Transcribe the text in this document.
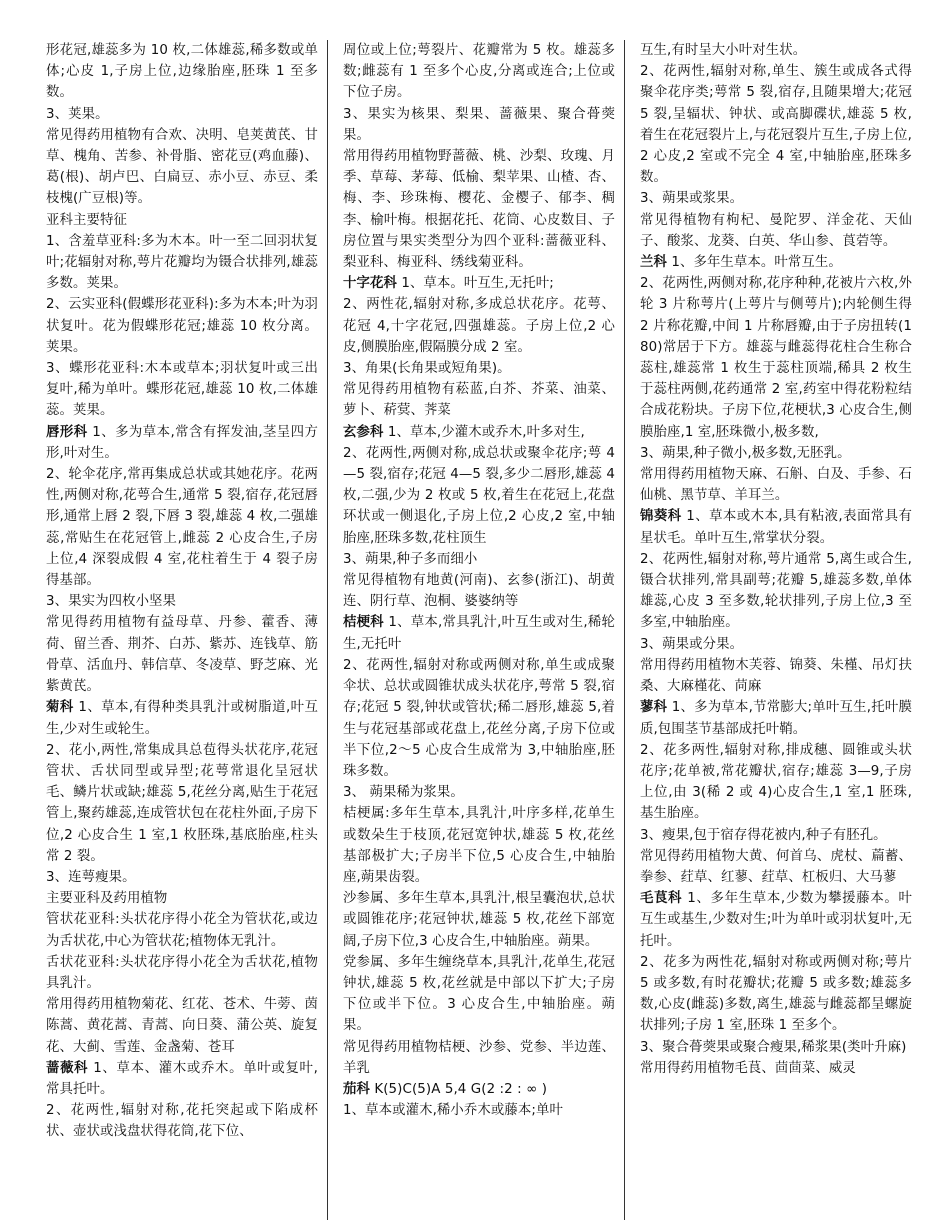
形花冠,雄蕊多为 10 枚,二体雄蕊,稀多数或单体;心皮 1,子房上位,边缘胎座,胚珠 1 至多数。

3、荚果。

常见得药用植物有合欢、决明、皂荚黄芪、甘草、槐角、苦参、补骨脂、密花豆(鸡血藤)、葛(根)、胡卢巴、白扁豆、赤小豆、赤豆、柔枝槐(广豆根)等。

亚科主要特征

1、含羞草亚科:多为木本。叶一至二回羽状复叶;花辐射对称,萼片花瓣均为镊合状排列,雄蕊多数。荚果。

2、云实亚科(假蝶形花亚科):多为木本;叶为羽状复叶。花为假蝶形花冠;雄蕊 10 枚分离。荚果。

3、蝶形花亚科:木本或草本;羽状复叶或三出复叶,稀为单叶。蝶形花冠,雄蕊 10 枚,二体雄蕊。荚果。

唇形科 1、多为草本,常含有挥发油,茎呈四方形,叶对生。

2、轮伞花序,常再集成总状或其她花序。花两性,两侧对称,花萼合生,通常 5 裂,宿存,花冠唇形,通常上唇 2 裂,下唇 3 裂,雄蕊 4 枚,二强雄蕊,常贴生在花冠管上,雌蕊 2 心皮合生,子房上位,4 深裂成假 4 室,花柱着生于 4 裂子房得基部。

3、果实为四枚小坚果

常见得药用植物有益母草、丹参、藿香、薄荷、留兰香、荆芥、白苏、紫苏、连钱草、筋骨草、活血丹、韩信草、冬凌草、野芝麻、光紫黄芪。

菊科 1、草本,有得种类具乳汁或树脂道,叶互生,少对生或轮生。

2、花小,两性,常集成具总苞得头状花序,花冠管状、舌状同型或异型;花萼常退化呈冠状毛、鳞片状或缺;雄蕊 5,花丝分离,贴生于花冠管上,聚药雄蕊,连成管状包在花柱外面,子房下位,2 心皮合生 1 室,1 枚胚珠,基底胎座,柱头常 2 裂。

3、连萼瘦果。

主要亚科及药用植物

管状花亚科:头状花序得小花全为管状花,或边为舌状花,中心为管状花;植物体无乳汁。

舌状花亚科:头状花序得小花全为舌状花,植物具乳汁。

常用得药用植物菊花、红花、苍术、牛蒡、茵陈蒿、黄花蒿、青蒿、向日葵、蒲公英、旋复花、大蓟、雪莲、金盏菊、苍耳

蔷薇科 1、草本、灌木或乔木。单叶或复叶,常具托叶。

2、花两性,辐射对称,花托突起或下陷成杯状、壶状或浅盘状得花筒,花下位、

周位或上位;萼裂片、花瓣常为 5 枚。雄蕊多数;雌蕊有 1 至多个心皮,分离或连合;上位或下位子房。

3、果实为核果、梨果、蔷薇果、聚合蓇葖果。

常用得药用植物野蔷薇、桃、沙梨、玫瑰、月季、草莓、茅莓、低榆、梨苹果、山楂、杏、梅、李、珍珠梅、樱花、金樱子、郁李、稠李、榆叶梅。根据花托、花筒、心皮数目、子房位置与果实类型分为四个亚科:蔷薇亚科、梨亚科、梅亚科、绣线菊亚科。

十字花科 1、草本。叶互生,无托叶;

2、两性花,辐射对称,多成总状花序。花萼、花冠 4,十字花冠,四强雄蕊。子房上位,2 心皮,侧膜胎座,假隔膜分成 2 室。

3、角果(长角果或短角果)。

常见得药用植物有菘蓝,白芥、芥菜、油菜、萝卜、菥蓂、荠菜

玄参科 1、草本,少灌木或乔木,叶多对生,

2、花两性,两侧对称,成总状或聚伞花序;萼 4—5 裂,宿存;花冠 4—5 裂,多少二唇形,雄蕊 4 枚,二强,少为 2 枚或 5 枚,着生在花冠上,花盘环状或一侧退化,子房上位,2 心皮,2 室,中轴胎座,胚珠多数,花柱顶生

3、蒴果,种子多而细小

常见得植物有地黄(河南)、玄参(浙江)、胡黄连、阴行草、泡桐、婆婆纳等

桔梗科 1、草本,常具乳汁,叶互生或对生,稀轮生,无托叶

2、花两性,辐射对称或两侧对称,单生或成聚伞状、总状或圆锥状成头状花序,萼常 5 裂,宿存;花冠 5 裂,钟状或管状;稀二唇形,雄蕊 5,着生与花冠基部或花盘上,花丝分离,子房下位或半下位,2～5 心皮合生成常为 3,中轴胎座,胚珠多数。

3、 蒴果稀为浆果。

桔梗属:多年生草本,具乳汁,叶序多样,花单生或数朵生于枝顶,花冠宽钟状,雄蕊 5 枚,花丝基部极扩大;子房半下位,5 心皮合生,中轴胎座,蒴果齿裂。

沙参属、多年生草本,具乳汁,根呈囊泡状,总状或圆锥花序;花冠钟状,雄蕊 5 枚,花丝下部宽阔,子房下位,3 心皮合生,中轴胎座。蒴果。

党参属、多年生缠绕草本,具乳汁,花单生,花冠钟状,雄蕊 5 枚,花丝就是中部以下扩大;子房下位或半下位。3 心皮合生,中轴胎座。蒴果。

常见得药用植物桔梗、沙参、党参、半边莲、羊乳

茄科 K(5)C(5)A 5,4 G(2 :2 : ∞ )

1、草本或灌木,稀小乔木或藤本;单叶

互生,有时呈大小叶对生状。

2、花两性,辐射对称,单生、簇生或成各式得聚伞花序类;萼常 5 裂,宿存,且随果增大;花冠 5 裂,呈辐状、钟状、或高脚碟状,雄蕊 5 枚,着生在花冠裂片上,与花冠裂片互生,子房上位,2 心皮,2 室或不完全 4 室,中轴胎座,胚珠多数。

3、蒴果或浆果。

常见得植物有枸杞、曼陀罗、洋金花、天仙子、酸浆、龙葵、白英、华山参、莨菪等。

兰科 1、多年生草本。叶常互生。

2、花两性,两侧对称,花序种种,花被片六枚,外轮 3 片称萼片(上萼片与侧萼片);内轮侧生得 2 片称花瓣,中间 1 片称唇瓣,由于子房扭转(180)常居于下方。雄蕊与雌蕊得花柱合生称合蕊柱,雄蕊常 1 枚生于蕊柱顶端,稀具 2 枚生于蕊柱两侧,花药通常 2 室,药室中得花粉粒结合成花粉块。子房下位,花梗状,3 心皮合生,侧膜胎座,1 室,胚珠微小,极多数,

3、蒴果,种子微小,极多数,无胚乳。

常用得药用植物天麻、石斛、白及、手参、石仙桃、黑节草、羊耳兰。

锦葵科 1、草本或木本,具有粘液,表面常具有星状毛。单叶互生,常掌状分裂。

2、花两性,辐射对称,萼片通常 5,离生或合生,镊合状排列,常具副萼;花瓣 5,雄蕊多数,单体雄蕊,心皮 3 至多数,轮状排列,子房上位,3 至多室,中轴胎座。

3、蒴果或分果。

常用得药用植物木芙蓉、锦葵、朱槿、吊灯扶桑、大麻槿花、苘麻

蓼科 1、多为草本,节常膨大;单叶互生,托叶膜质,包围茎节基部成托叶鞘。

2、花多两性,辐射对称,排成穗、圆锥或头状花序;花单被,常花瓣状,宿存;雄蕊 3—9,子房上位,由 3(稀 2 或 4)心皮合生,1 室,1 胚珠,基生胎座。

3、瘦果,包于宿存得花被内,种子有胚孔。

常见得药用植物大黄、何首乌、虎杖、萹蓄、拳参、荭草、红蓼、荭草、杠板归、大马蓼

毛茛科 1、多年生草本,少数为攀援藤本。叶互生或基生,少数对生;叶为单叶或羽状复叶,无托叶。

2、花多为两性花,辐射对称或两侧对称;萼片 5 或多数,有时花瓣状;花瓣 5 或多数;雄蕊多数,心皮(雌蕊)多数,离生,雄蕊与雌蕊都呈螺旋状排列;子房 1 室,胚珠 1 至多个。

3、聚合蓇葖果或聚合瘦果,稀浆果(类叶升麻)

常用得药用植物毛茛、茴茴菜、威灵
